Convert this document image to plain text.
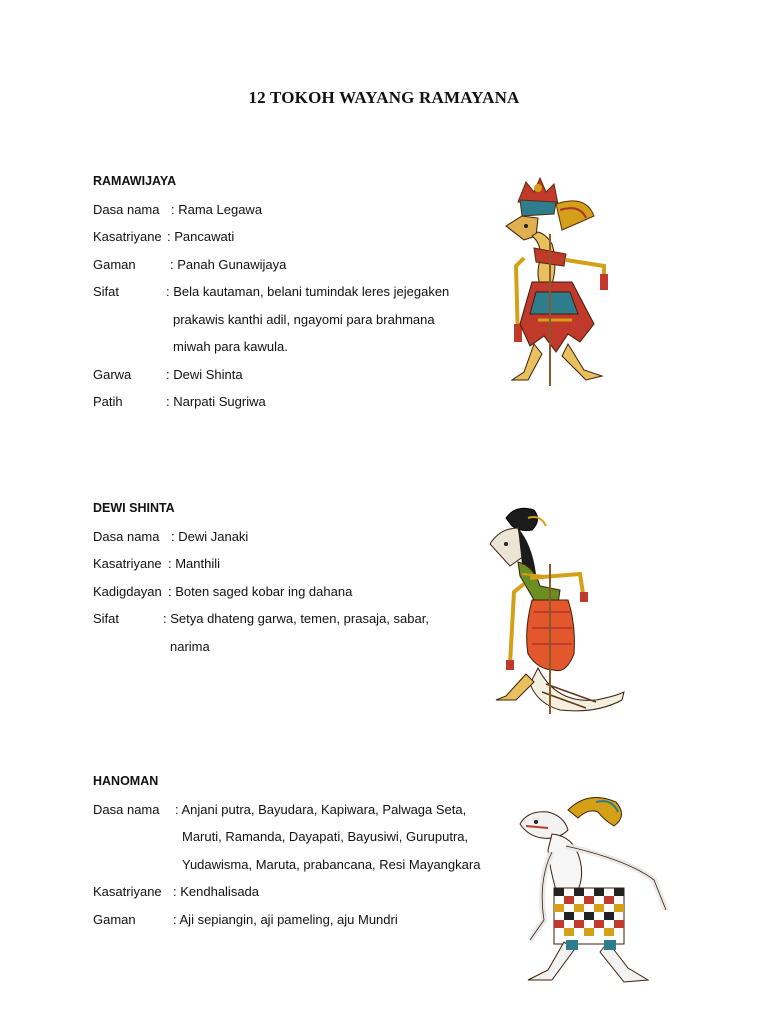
12 TOKOH WAYANG RAMAYANA
RAMAWIJAYA
Dasa nama : Rama Legawa
Kasatriyane : Pancawati
Gaman	: Panah Gunawijaya
Sifat	: Bela kautaman, belani tumindak leres jejegaken
prakawis kanthi adil, ngayomi para brahmana
miwah para kawula.
Garwa	: Dewi Shinta
Patih	: Narpati Sugriwa
DEWI SHINTA
Dasa nama : Dewi Janaki
Kasatriyane : Manthili
Kadigdayan : Boten saged kobar ing dahana
Sifat	: Setya dhateng garwa, temen, prasaja, sabar,
narima
HANOMAN
Dasa nama : Anjani putra, Bayudara, Kapiwara, Palwaga Seta,
Maruti, Ramanda, Dayapati, Bayusiwi, Guruputra,
Yudawisma, Maruta, prabancana, Resi Mayangkara
Kasatriyane : Kendhalisada
Gaman	: Aji sepiangin, aji pameling, aju Mundri
